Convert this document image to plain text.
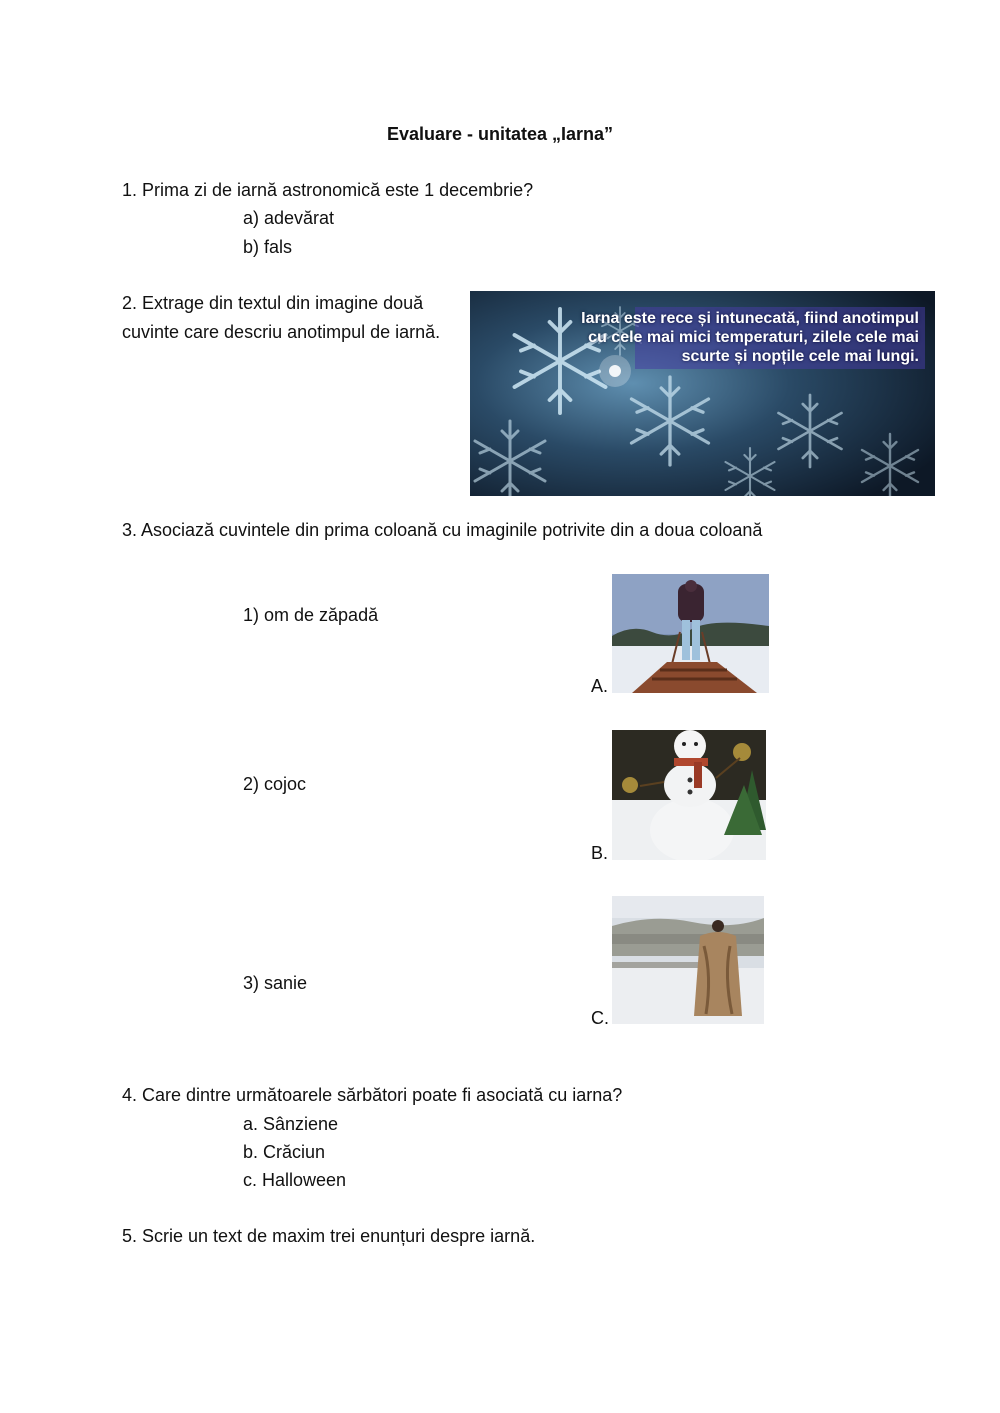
Evaluare - unitatea „Iarna”
1. Prima zi de iarnă astronomică este 1 decembrie?
a) adevărat
b) fals
2. Extrage din textul din imagine două
cuvinte care descriu anotimpul de iarnă.
Iarna este rece și intunecată, fiind anotimpul
cu cele mai mici temperaturi, zilele cele mai
scurte și nopțile cele mai lungi.
3. Asociază cuvintele din prima coloană cu imaginile potrivite din a doua coloană
1) om de zăpadă
2) cojoc
3) sanie
A.
B.
C.
4. Care dintre următoarele sărbători poate fi asociată cu iarna?
a. Sânziene
b. Crăciun
c. Halloween
5. Scrie un text de maxim trei enunțuri despre iarnă.
